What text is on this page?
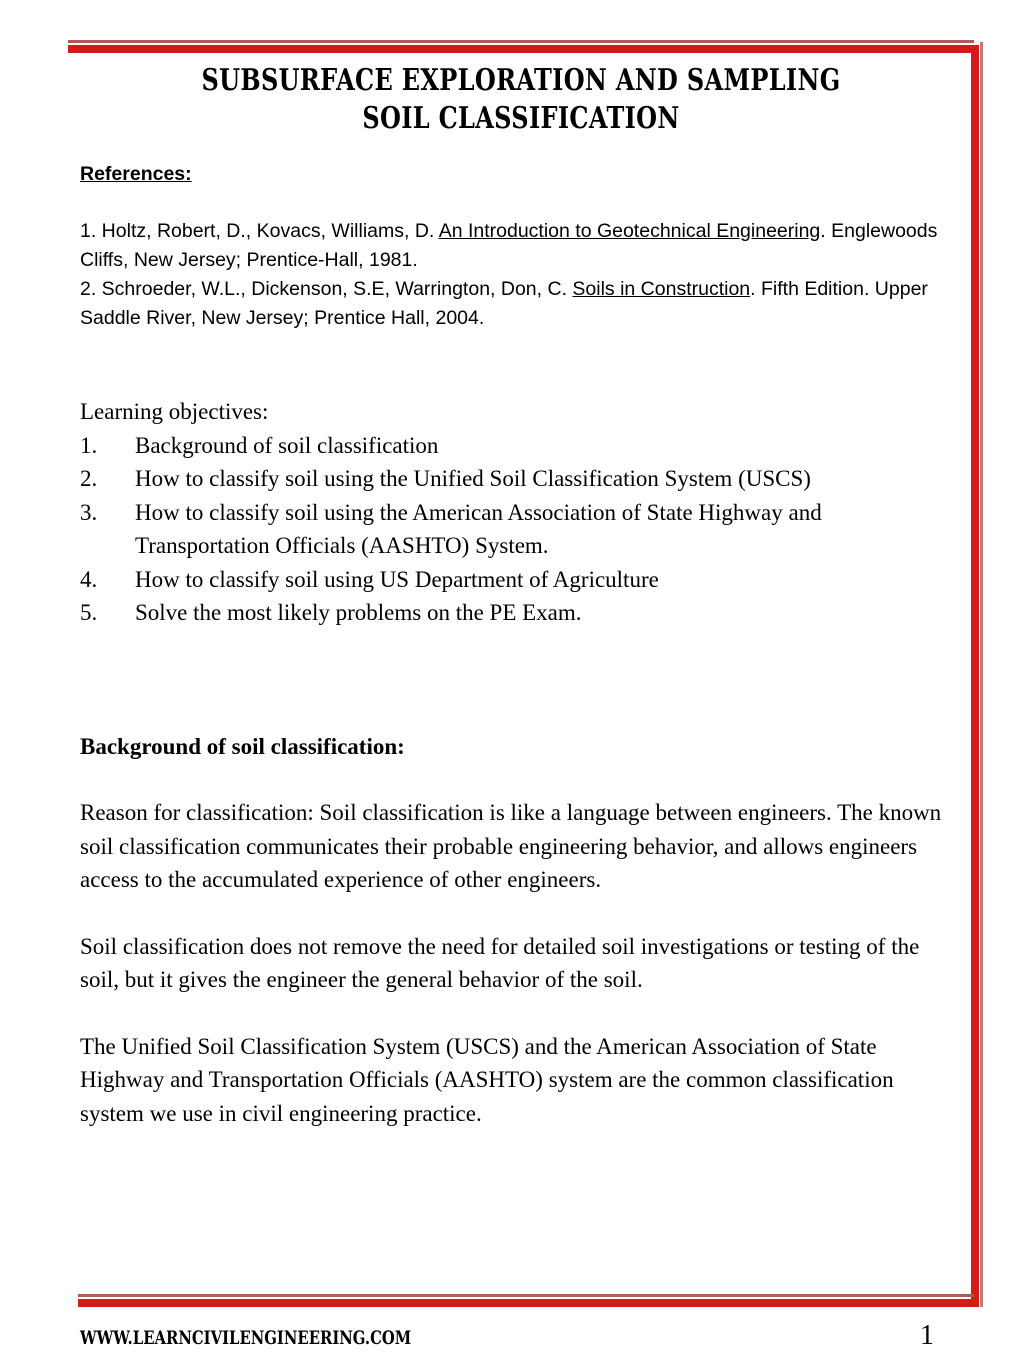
SUBSURFACE EXPLORATION AND SAMPLING
SOIL CLASSIFICATION
References:
1. Holtz, Robert, D., Kovacs, Williams, D. An Introduction to Geotechnical Engineering. Englewoods Cliffs, New Jersey; Prentice-Hall, 1981.
2. Schroeder, W.L., Dickenson, S.E, Warrington, Don, C. Soils in Construction. Fifth Edition. Upper Saddle River, New Jersey; Prentice Hall, 2004.

Learning objectives:

1.	Background of soil classification
2.	How to classify soil using the Unified Soil Classification System (USCS)
3.	How to classify soil using the American Association of State Highway and Transportation Officials (AASHTO) System.
4.	How to classify soil using US Department of Agriculture
5.	Solve the most likely problems on the PE Exam.

Background of soil classification:

Reason for classification: Soil classification is like a language between engineers. The known soil classification communicates their probable engineering behavior, and allows engineers access to the accumulated experience of other engineers.

Soil classification does not remove the need for detailed soil investigations or testing of the soil, but it gives the engineer the general behavior of the soil.

The Unified Soil Classification System (USCS) and the American Association of State Highway and Transportation Officials (AASHTO) system are the common classification system we use in civil engineering practice.

WWW.LEARNCIVILENGINEERING.COM	1
